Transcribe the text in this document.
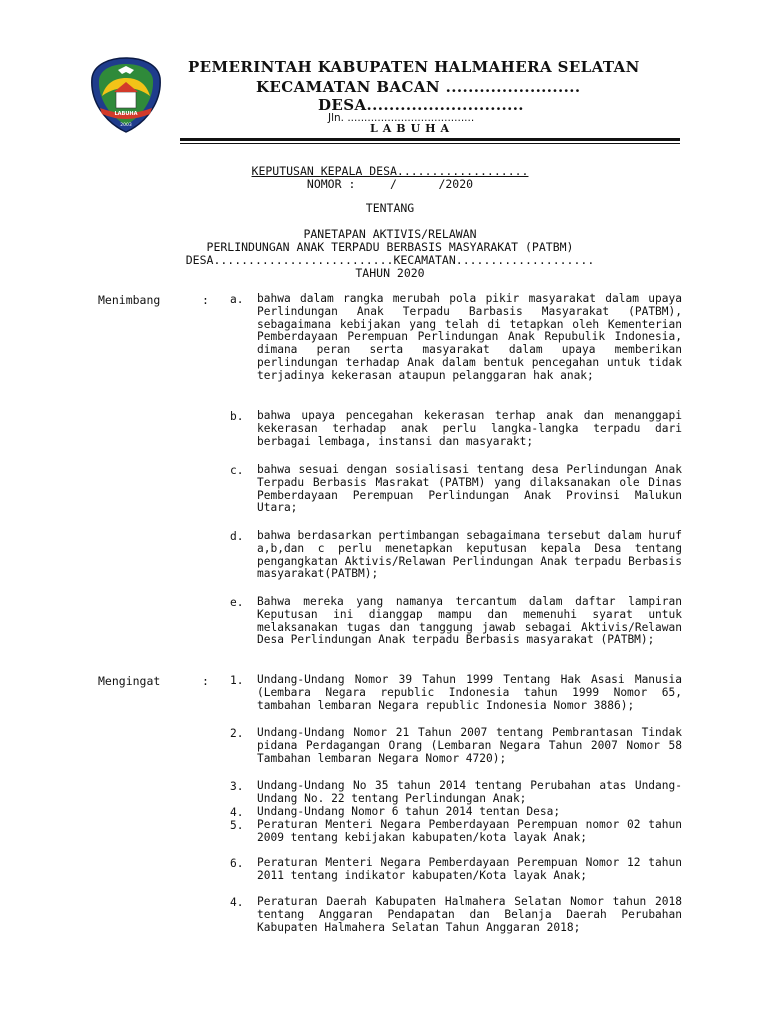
LABUHA
2003
PEMERINTAH KABUPATEN HALMAHERA SELATAN
KECAMATAN BACAN ........................
DESA............................
Jln. ......................................
LABUHA
KEPUTUSAN KEPALA DESA...................
NOMOR :     /      /2020
TENTANG
PANETAPAN AKTIVIS/RELAWAN
PERLINDUNGAN ANAK TERPADU BERBASIS MASYARAKAT (PATBM)
DESA..........................KECAMATAN....................
TAHUN 2020
Menimbang	: a. bahwa dalam rangka merubah pola pikir masyarakat dalam upaya Perlindungan Anak Terpadu Barbasis Masyarakat (PATBM), sebagaimana kebijakan yang telah di tetapkan oleh Kementerian Pemberdayaan Perempuan Perlindungan Anak Repubulik Indonesia, dimana peran serta masyarakat dalam upaya memberikan perlindungan terhadap Anak dalam bentuk pencegahan untuk tidak terjadinya kekerasan ataupun pelanggaran hak anak;
b. bahwa upaya pencegahan kekerasan terhap anak dan menanggapi kekerasan terhadap anak perlu langka-langka terpadu dari berbagai lembaga, instansi dan masyarakt;
c. bahwa sesuai dengan sosialisasi tentang desa Perlindungan Anak Terpadu Berbasis Masrakat (PATBM) yang dilaksanakan ole Dinas Pemberdayaan Perempuan Perlindungan Anak Provinsi Malukun Utara;
d. bahwa berdasarkan pertimbangan sebagaimana tersebut dalam huruf a,b,dan c perlu menetapkan keputusan kepala Desa tentang pengangkatan Aktivis/Relawan Perlindungan Anak terpadu Berbasis masyarakat(PATBM);
e. Bahwa mereka yang namanya tercantum dalam daftar lampiran Keputusan ini dianggap mampu dan memenuhi syarat untuk melaksanakan tugas dan tanggung jawab sebagai Aktivis/Relawan Desa Perlindungan Anak terpadu Berbasis masyarakat (PATBM);
Mengingat	: 1. Undang-Undang Nomor 39 Tahun 1999 Tentang Hak Asasi Manusia (Lembara Negara republic Indonesia tahun 1999 Nomor 65, tambahan lembaran Negara republic Indonesia Nomor 3886);
2. Undang-Undang Nomor 21 Tahun 2007 tentang Pembrantasan Tindak pidana Perdagangan Orang (Lembaran Negara Tahun 2007 Nomor 58 Tambahan lembaran Negara Nomor 4720);
3. Undang-Undang No 35 tahun 2014 tentang Perubahan atas Undang-Undang No. 22 tentang Perlindungan Anak;
4. Undang-Undang Nomor 6 tahun 2014 tentan Desa;
5. Peraturan Menteri Negara Pemberdayaan Perempuan nomor 02 tahun 2009 tentang kebijakan kabupaten/kota layak Anak;
6. Peraturan Menteri Negara Pemberdayaan Perempuan Nomor 12 tahun 2011 tentang indikator kabupaten/Kota layak Anak;
4. Peraturan Daerah Kabupaten Halmahera Selatan Nomor tahun 2018 tentang Anggaran Pendapatan dan Belanja Daerah Perubahan Kabupaten Halmahera Selatan Tahun Anggaran 2018;
